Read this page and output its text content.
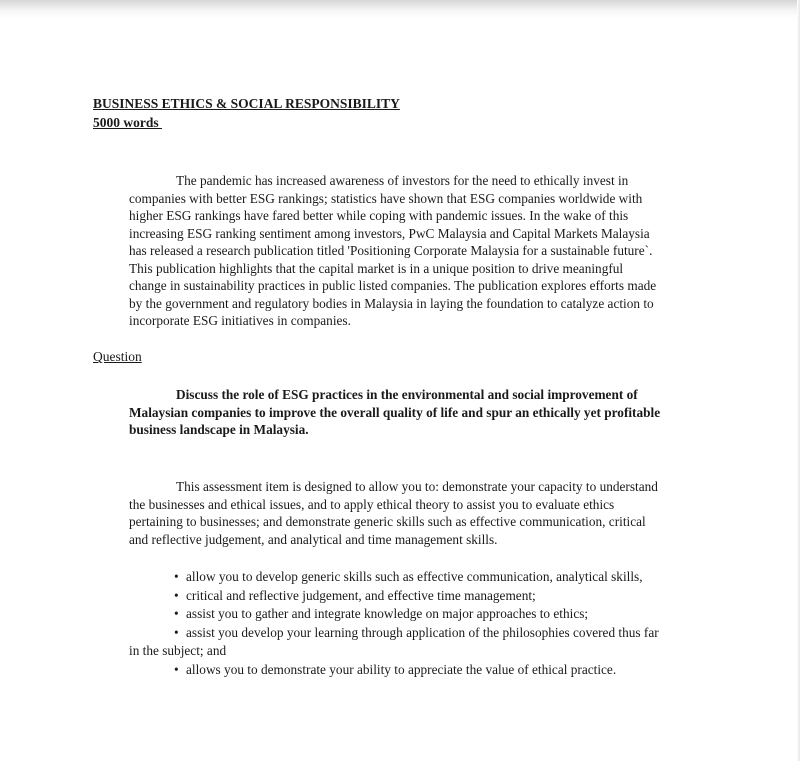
BUSINESS ETHICS & SOCIAL RESPONSIBILITY
5000 words
The pandemic has increased awareness of investors for the need to ethically invest in
companies with better ESG rankings; statistics have shown that ESG companies worldwide with
higher ESG rankings have fared better while coping with pandemic issues. In the wake of this
increasing ESG ranking sentiment among investors, PwC Malaysia and Capital Markets Malaysia
has released a research publication titled 'Positioning Corporate Malaysia for a sustainable future`.
This publication highlights that the capital market is in a unique position to drive meaningful
change in sustainability practices in public listed companies. The publication explores efforts made
by the government and regulatory bodies in Malaysia in laying the foundation to catalyze action to
incorporate ESG initiatives in companies.
Question
Discuss the role of ESG practices in the environmental and social improvement of
Malaysian companies to improve the overall quality of life and spur an ethically yet profitable
business landscape in Malaysia.
This assessment item is designed to allow you to: demonstrate your capacity to understand
the businesses and ethical issues, and to apply ethical theory to assist you to evaluate ethics
pertaining to businesses; and demonstrate generic skills such as effective communication, critical
and reflective judgement, and analytical and time management skills.
• allow you to develop generic skills such as effective communication, analytical skills,
• critical and reflective judgement, and effective time management;
• assist you to gather and integrate knowledge on major approaches to ethics;
• assist you develop your learning through application of the philosophies covered thus far
in the subject; and
• allows you to demonstrate your ability to appreciate the value of ethical practice.
